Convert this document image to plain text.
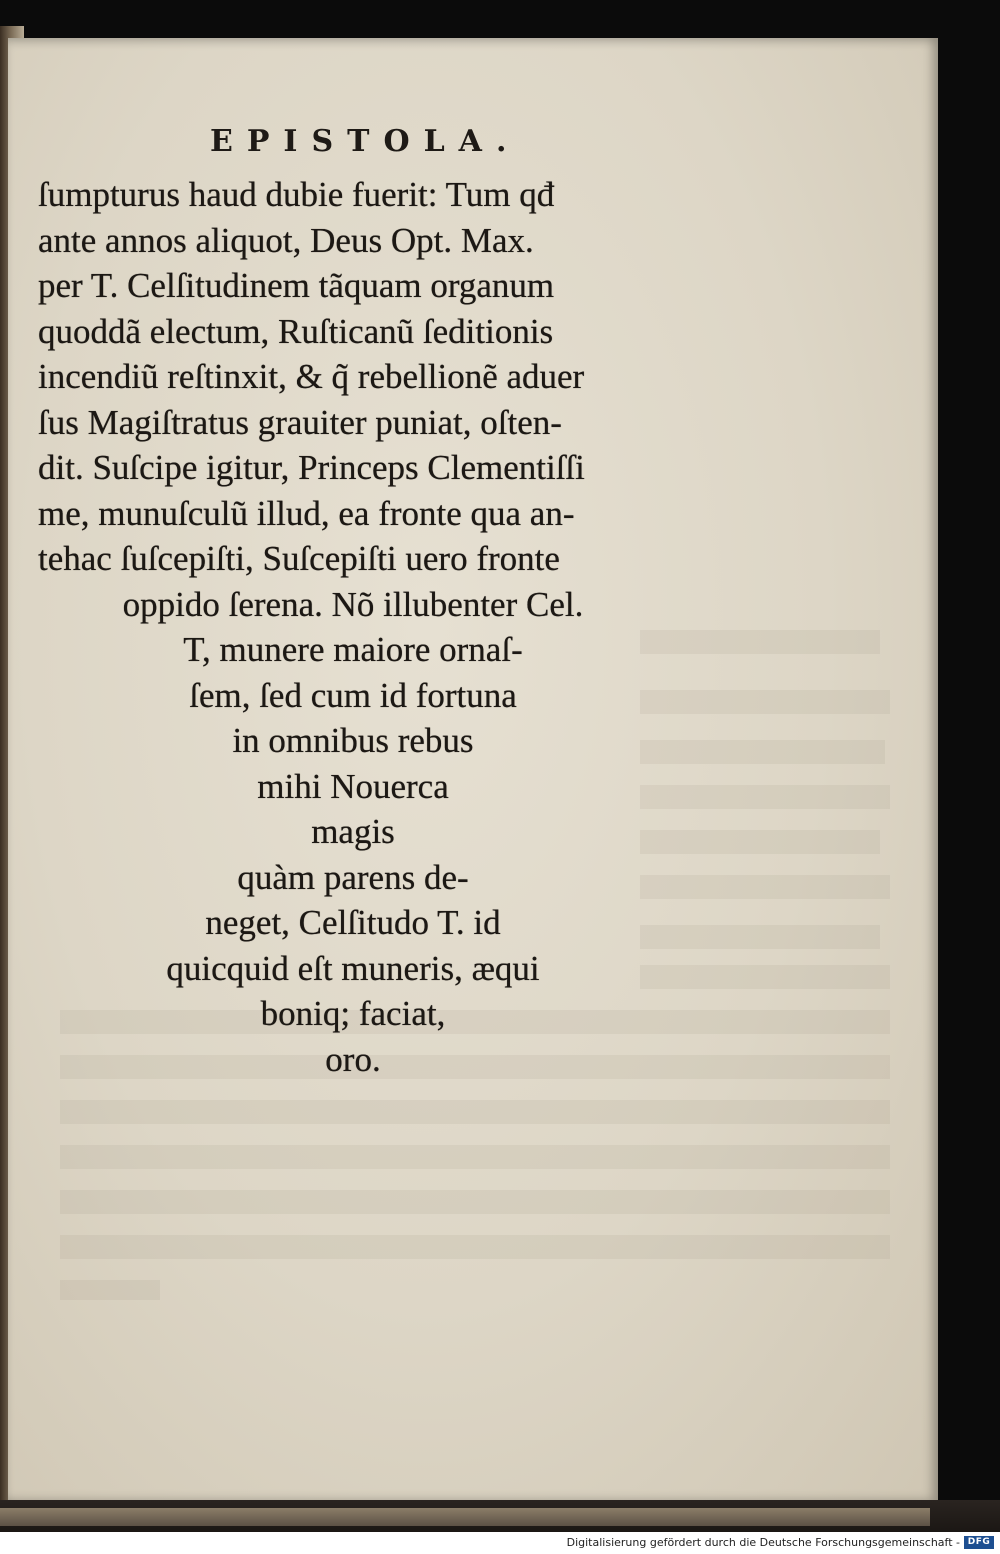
EPISTOLA.
ſumpturus haud dubie fuerit: Tum qđ
ante annos aliquot, Deus Opt. Max.
per T. Celſitudinem tãquam organum
quoddã electum, Ruſticanũ ſeditionis
incendiũ reſtinxit, & q̃ rebellionẽ aduer
ſus Magiſtratus grauiter puniat, oſten-
dit. Suſcipe igitur, Princeps Clementiſſi
me, munuſculũ illud, ea fronte qua an-
tehac ſuſcepiſti, Suſcepiſti uero fronte
oppido ſerena. Nõ illubenter Cel.
T, munere maiore ornaſ-
ſem, ſed cum id fortuna
in omnibus rebus
mihi Nouerca
magis
quàm parens de-
neget, Celſitudo T. id
quicquid eſt muneris, æqui
boniq; faciat,
oro.
Digitalisierung gefördert durch die Deutsche Forschungsgemeinschaft - DFG
